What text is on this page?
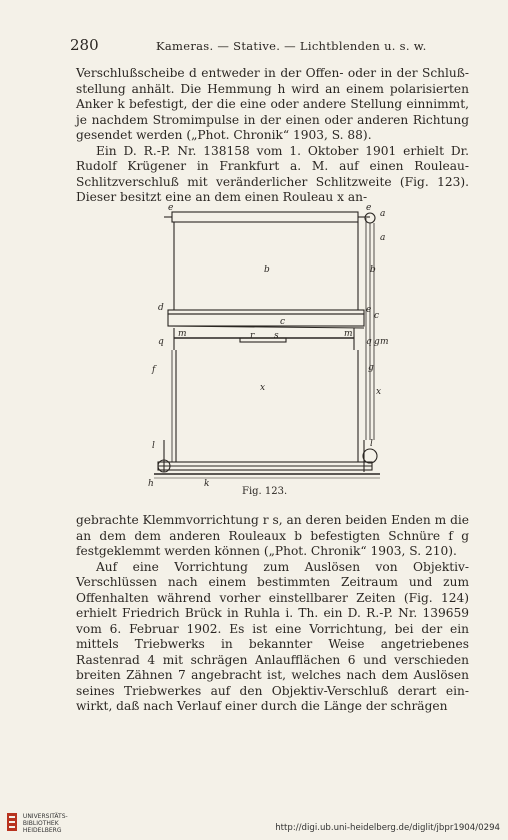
280	Kameras. — Stative. — Lichtblenden u. s. w.

Verschlußscheibe d entweder in der Offen- oder in der Schluß-stellung anhält. Die Hemmung h wird an einem polarisierten Anker k befestigt, der die eine oder andere Stellung einnimmt, je nachdem Stromimpulse in der einen oder anderen Richtung gesendet werden („Phot. Chronik“ 1903, S. 88).

Ein D. R.-P. Nr. 138158 vom 1. Oktober 1901 erhielt Dr. Rudolf Krügener in Frankfurt a. M. auf einen Rouleau-Schlitzverschluß mit veränderlicher Schlitzweite (Fig. 123). Dieser besitzt eine an dem einen Rouleau x an-

e	e
a
a
b	b
d	e
c
c
m	m
r s
q	q g m
g
f
x	x
l	l
h	k
Fig. 123.

gebrachte Klemmvorrichtung r s, an deren beiden Enden m die an dem dem anderen Rouleaux b befestigten Schnüre f g festgeklemmt werden können („Phot. Chronik“ 1903, S. 210).

Auf eine Vorrichtung zum Auslösen von Objektiv-Verschlüssen nach einem bestimmten Zeitraum und zum Offenhalten während vorher einstellbarer Zeiten (Fig. 124) erhielt Friedrich Brück in Ruhla i. Th. ein D. R.-P. Nr. 139659 vom 6. Februar 1902. Es ist eine Vorrichtung, bei der ein mittels Triebwerks in bekannter Weise angetriebenes Rastenrad 4 mit schrägen Anlaufflächen 6 und verschieden breiten Zähnen 7 angebracht ist, welches nach dem Auslösen seines Triebwerkes auf den Objektiv-Verschluß derart ein-wirkt, daß nach Verlauf einer durch die Länge der schrägen

UNIVERSITÄTS-
BIBLIOTHEK
HEIDELBERG	http://digi.ub.uni-heidelberg.de/diglit/jbpr1904/0294
